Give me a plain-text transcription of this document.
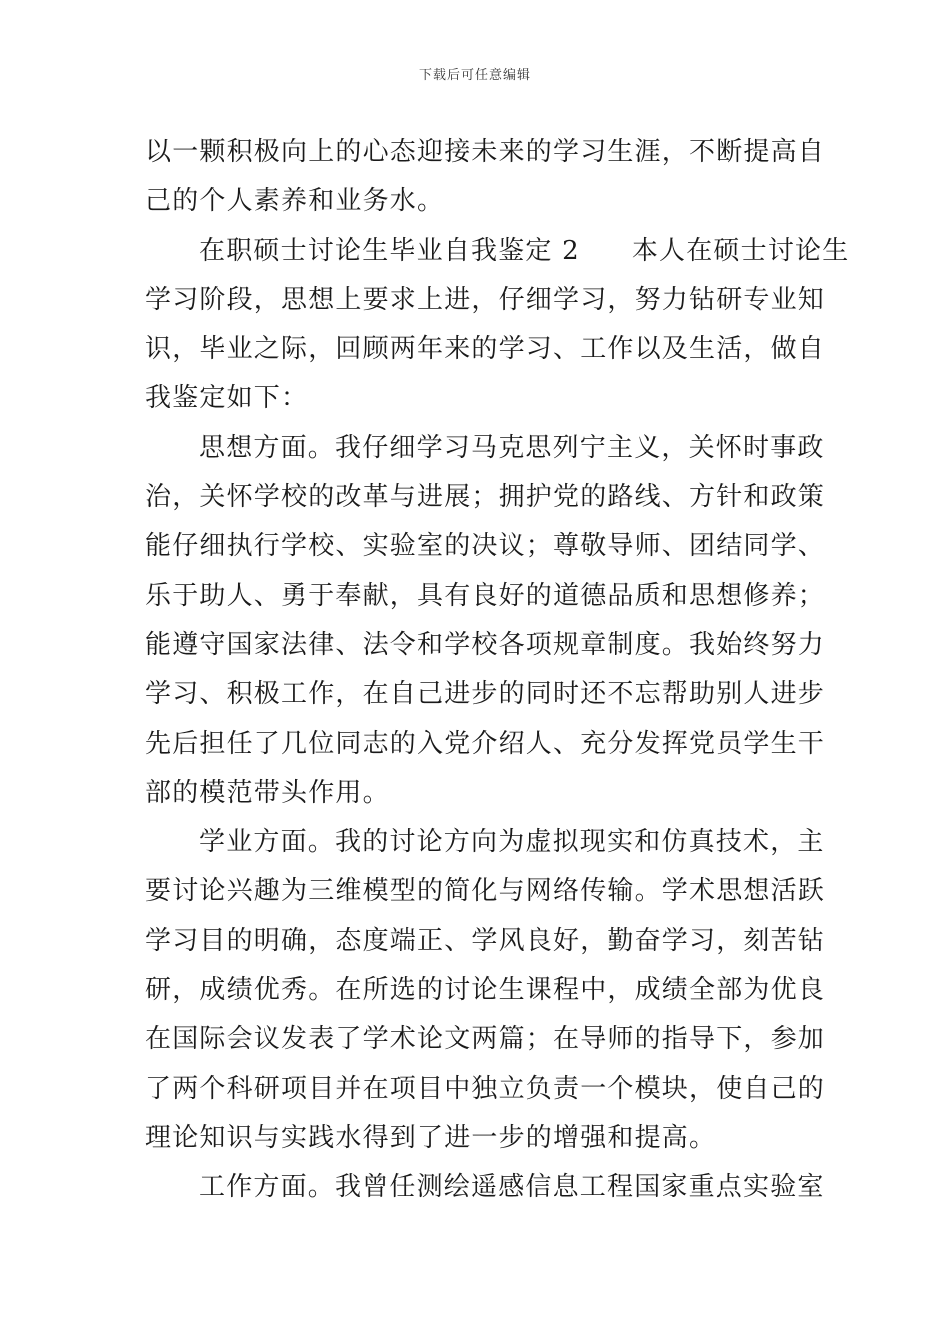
下载后可任意编辑
以一颗积极向上的心态迎接未来的学习生涯，不断提高自
己的个人素养和业务水。
在职硕士讨论生毕业自我鉴定 2 本人在硕士讨论生
学习阶段，思想上要求上进，仔细学习，努力钻研专业知
识，毕业之际，回顾两年来的学习、工作以及生活，做自
我鉴定如下：
思想方面。我仔细学习马克思列宁主义，关怀时事政
治，关怀学校的改革与进展；拥护党的路线、方针和政策
能仔细执行学校、实验室的决议；尊敬导师、团结同学、
乐于助人、勇于奉献，具有良好的道德品质和思想修养；
能遵守国家法律、法令和学校各项规章制度。我始终努力
学习、积极工作，在自己进步的同时还不忘帮助别人进步
先后担任了几位同志的入党介绍人、充分发挥党员学生干
部的模范带头作用。
学业方面。我的讨论方向为虚拟现实和仿真技术，主
要讨论兴趣为三维模型的简化与网络传输。学术思想活跃
学习目的明确，态度端正、学风良好，勤奋学习，刻苦钻
研，成绩优秀。在所选的讨论生课程中，成绩全部为优良
在国际会议发表了学术论文两篇；在导师的指导下，参加
了两个科研项目并在项目中独立负责一个模块，使自己的
理论知识与实践水得到了进一步的增强和提高。
工作方面。我曾任测绘遥感信息工程国家重点实验室
